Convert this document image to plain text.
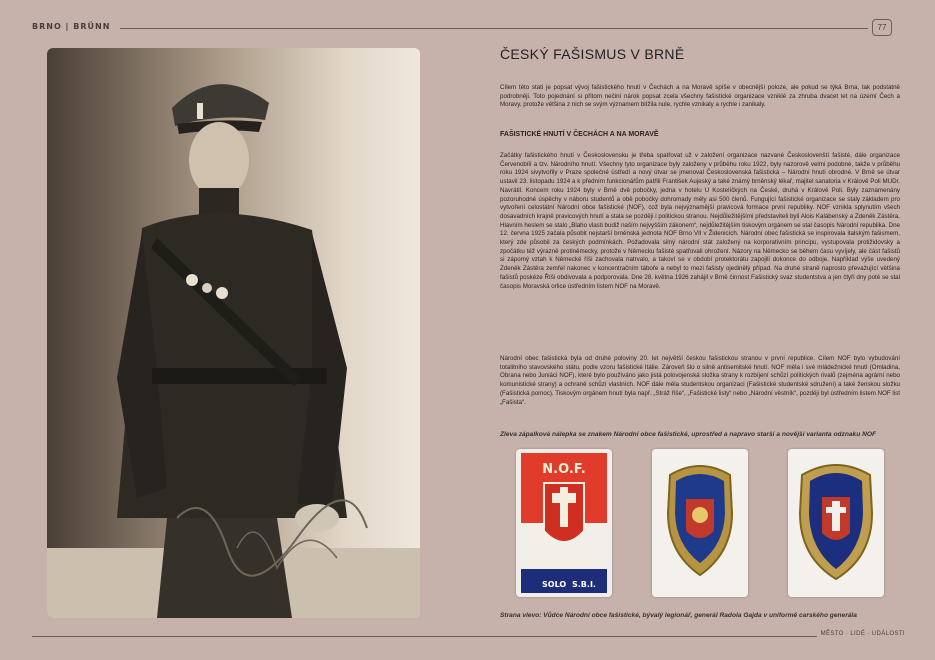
BRNO | BRÜNN	77
ČESKÝ FAŠISMUS V BRNĚ

Cílem této stati je popsat vývoj fašistického hnutí v Čechách a na Moravě spíše v obecnější poloze, ale pokud se týká Brna, tak podstatně podrobněji. Toto pojednání si přitom nečiní nárok popsat zcela všechny fašistické organizace vzniklé za zhruba dvacet let na území Čech a Moravy, protože většina z nich se svým významem blížila nule, rychle vznikaly a rychle i zanikaly.

FAŠISTICKÉ HNUTÍ V ČECHÁCH A NA MORAVĚ

Začátky fašistického hnutí v Československu je třeba spatřovat už v založení organizace nazvané Českoslovenští fašisté, dále organizace Červenobílí a tzv. Národního hnutí. Všechny tyto organizace byly založeny v průběhu roku 1922, byly nazorově velmi podobné, takže v průběhu roku 1924 sivytvořily v Praze společné ústředí a nový útvar se jmenoval Československá fašistická – Národní hnutí obrodné. V Brně se útvar ustavil 23. listopadu 1924 a k předním funkcionářům patřili František Aujeský a také známý brněnský lékař, majitel sanatoria v Králově Poli MUDr. Navrátil. Koncem roku 1924 byly v Brně dvě pobočky, jedna v hotelu U Kostelíčkých na České, druhá v Králově Poli. Byly zaznamenány pozoruhodné úspěchy v náboru studentů a obě pobočky dohromady měly asi 500 členů. Fungující fašistické organizace se staly základem pro vytvoření celostátní Národní obce fašistické (NOF), což byla nejvýznamější pravicová formace první republiky. NOF vznikla splynutím všech dosavadních krajně pravicových hnutí a stala se později i politickou stranou. Nejdůležitějšími představiteli byli Alois Kalábenský a Zdeněk Zástěra. Hlavním heslem se stalo „Blaho vlasti budiž naším nejvyšším zákonem“, nejdůležitějším tiskovým orgánem se stal časopis Národní republika. Dne 12. června 1925 začala působit nejstarší brněnská jednota NOF Brno VII v Židenicích. Národní obec fašistická se inspirovala italským fašismem, který zde působil za českých podmínkách. Požadovala silný národní stát založený na korporativním principu, vystupovala protižidovsky a zpočátku též výrazně protiněmecky, protože v Německu fašisté spatřovali ohrožení. Názory na Německo se během času vyvíjely, ale část fašistů si zápomý vztah k Německé říši zachovala natrvalo, a takoví se v období protektorátu zapojili dokonce do odboje. Například výše uvedený Zdeněk Zástěra zemřel nakonec v koncentračním táboře a nebyl to mezi fašisty ojedinělý případ. Na druhé straně naprosto převažující většina fašistů poskéze Říši obdivovala a podporovala. Dne 28. května 1926 zahájil v Brně činnost Fašistický svaz studentstva a jen čtyři dny poté se stal časopis Moravská orlice ústředním listem NOF na Moravě.

Národní obec fašistická byla od druhé poloviny 20. let největší českou fašistickou stranou v první republice. Cílem NOF bylo vybudování totalitního stavovského státu, podle vzoru fašistické Itálie. Zároveň šlo o silně antisemitské hnutí. NOF měla i své mládežnické hnutí (Omladina, Obrana nebo Juniáci NOF), které bylo používáno jako jistá polovojenská složka strany k rozbíjení schůzí politických rivalů (zejména agrární nebo komunistické strany) a ochraně schůzí vlastních. NOF dále měla studentskou organizaci (Fašistické studentské sdružení) a také ženskou složku (Fašistická pomoc). Tiskovým orgánem hnutí byla např. „Stráž říše“, „Fašistické listy“ nebo „Národní věstník“, později byl ústředním listem NOF list „Fašista“.

Zleva zápalková nálepka se znakem Národní obce fašistické, uprostřed a napravo starší a novější varianta odznaku NOF
N.O.F.
SOLO S.B.I.
Strana vlevo: Vůdce Národní obce fašistické, bývalý legionář, generál Radola Gajda v uniformě carského generála
MĚSTO · LIDÉ · UDÁLOSTI
